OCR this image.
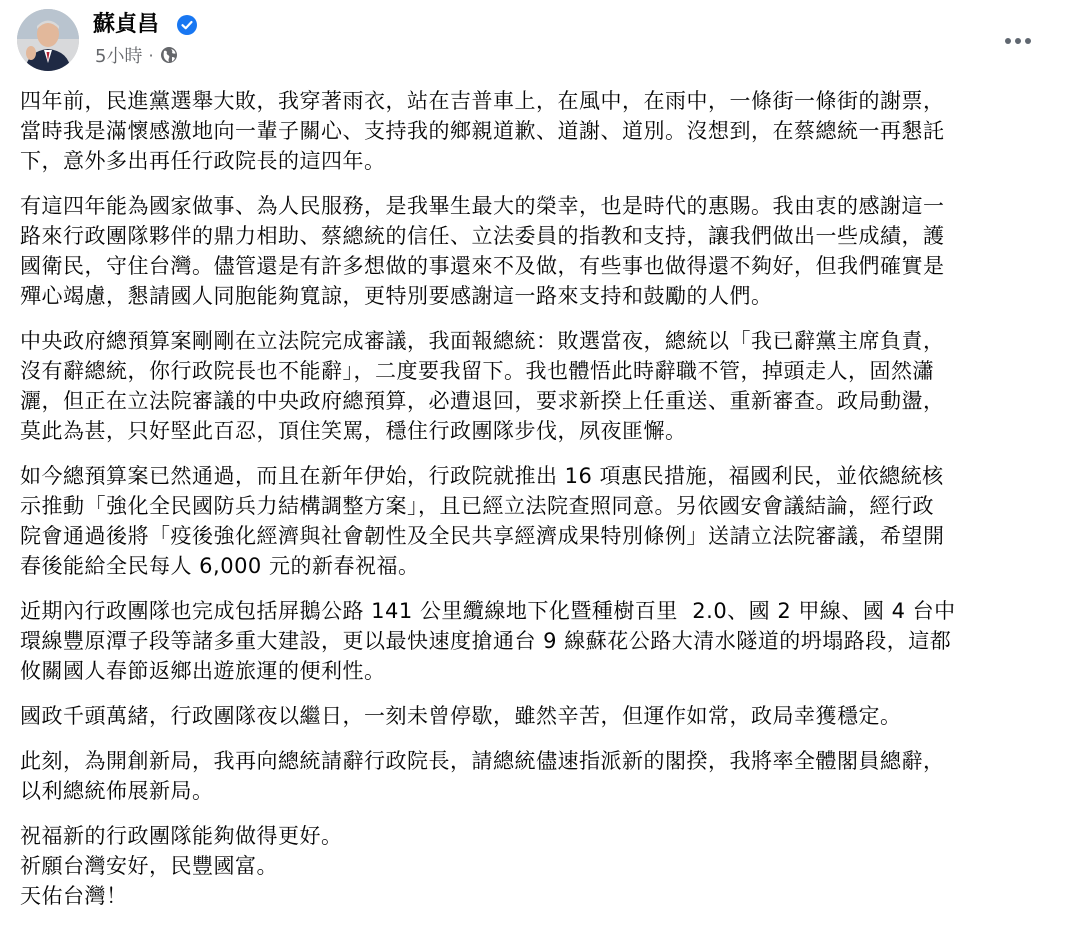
蘇貞昌
5小時 ·

四年前，民進黨選舉大敗，我穿著雨衣，站在吉普車上，在風中，在雨中，一條街一條街的謝票，
當時我是滿懷感激地向一輩子關心、支持我的鄉親道歉、道謝、道別。沒想到，在蔡總統一再懇託
下，意外多出再任行政院長的這四年。

有這四年能為國家做事、為人民服務，是我畢生最大的榮幸，也是時代的惠賜。我由衷的感謝這一
路來行政團隊夥伴的鼎力相助、蔡總統的信任、立法委員的指教和支持，讓我們做出一些成績，護
國衛民，守住台灣。儘管還是有許多想做的事還來不及做，有些事也做得還不夠好，但我們確實是
殫心竭慮，懇請國人同胞能夠寬諒，更特別要感謝這一路來支持和鼓勵的人們。

中央政府總預算案剛剛在立法院完成審議，我面報總統：敗選當夜，總統以「我已辭黨主席負責，
沒有辭總統，你行政院長也不能辭」，二度要我留下。我也體悟此時辭職不管，掉頭走人，固然瀟
灑，但正在立法院審議的中央政府總預算，必遭退回，要求新揆上任重送、重新審查。政局動盪，
莫此為甚，只好堅此百忍，頂住笑罵，穩住行政團隊步伐，夙夜匪懈。

如今總預算案已然通過，而且在新年伊始，行政院就推出 16 項惠民措施，福國利民，並依總統核
示推動「強化全民國防兵力結構調整方案」，且已經立法院查照同意。另依國安會議結論，經行政
院會通過後將「疫後強化經濟與社會韌性及全民共享經濟成果特別條例」送請立法院審議，希望開
春後能給全民每人 6,000 元的新春祝福。

近期內行政團隊也完成包括屏鵝公路 141 公里纜線地下化暨種樹百里  2.0、國 2 甲線、國 4 台中
環線豐原潭子段等諸多重大建設，更以最快速度搶通台 9 線蘇花公路大清水隧道的坍塌路段，這都
攸關國人春節返鄉出遊旅運的便利性。

國政千頭萬緒，行政團隊夜以繼日，一刻未曾停歇，雖然辛苦，但運作如常，政局幸獲穩定。

此刻，為開創新局，我再向總統請辭行政院長，請總統儘速指派新的閣揆，我將率全體閣員總辭，
以利總統佈展新局。

祝福新的行政團隊能夠做得更好。
祈願台灣安好，民豐國富。
天佑台灣！
